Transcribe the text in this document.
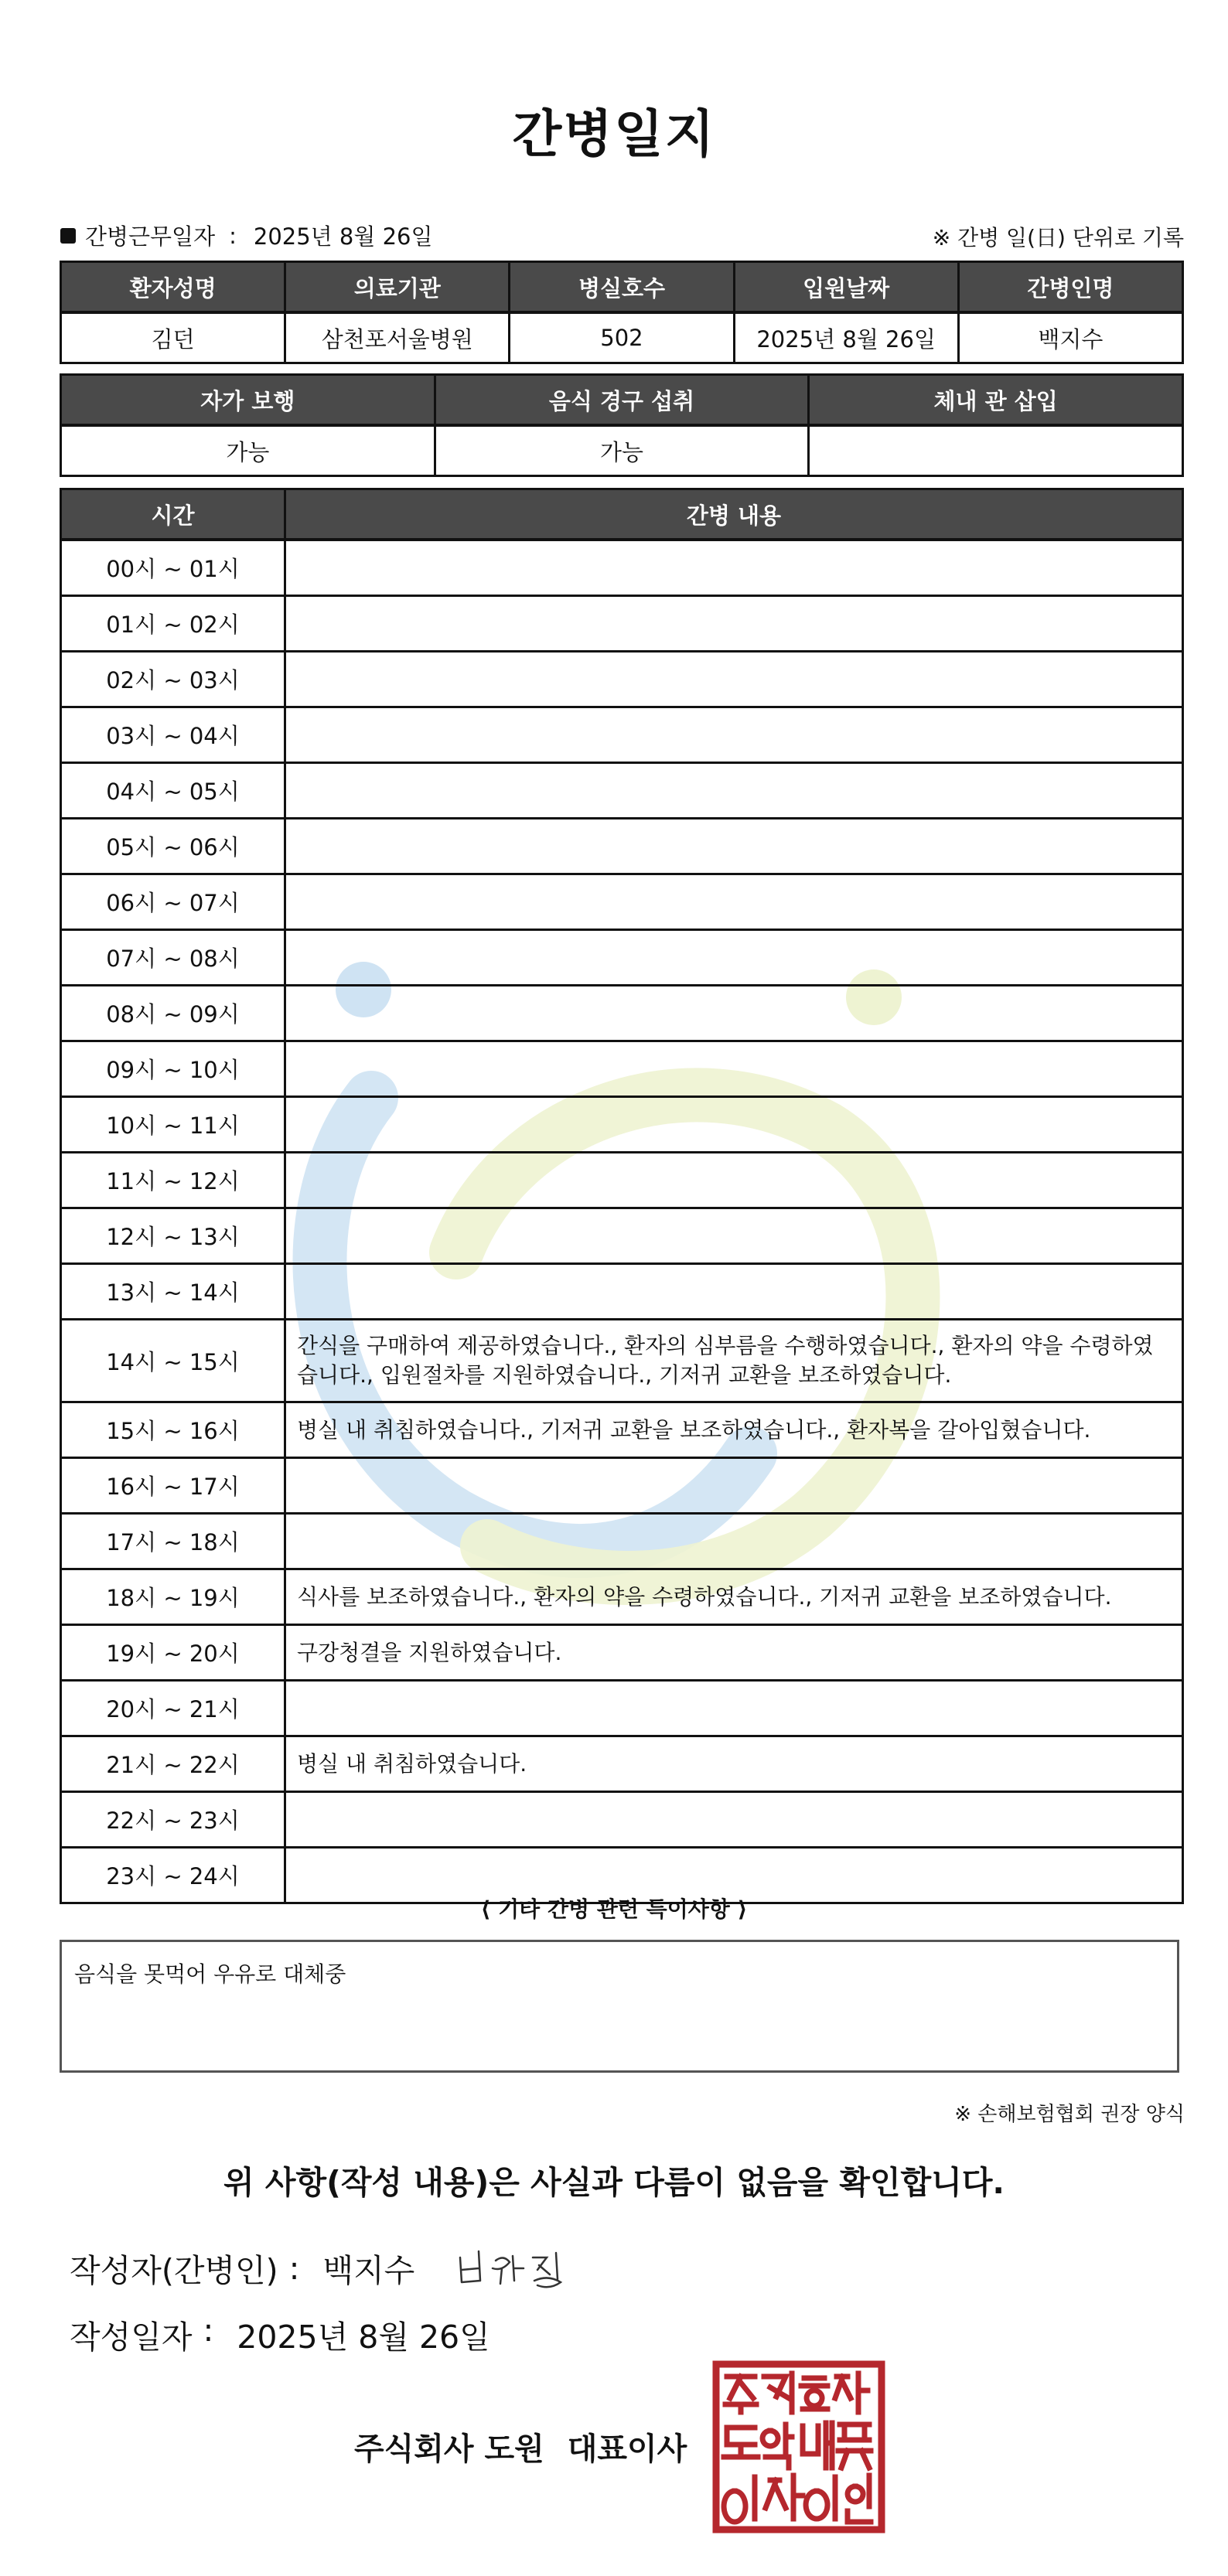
간병일지
간병근무일자 : 2025년 8월 26일	※ 간병 일(日) 단위로 기록
환자성명	의료기관	병실호수	입원날짜	간병인명
김던	삼천포서울병원	502	2025년 8월 26일	백지수
자가 보행	음식 경구 섭취	체내 관 삽입
가능	가능	
시간	간병 내용
00시 ~ 01시	
01시 ~ 02시	
02시 ~ 03시	
03시 ~ 04시	
04시 ~ 05시	
05시 ~ 06시	
06시 ~ 07시	
07시 ~ 08시	
08시 ~ 09시	
09시 ~ 10시	
10시 ~ 11시	
11시 ~ 12시	
12시 ~ 13시	
13시 ~ 14시	
14시 ~ 15시	간식을 구매하여 제공하였습니다., 환자의 심부름을 수행하였습니다., 환자의 약을 수령하였습니다., 입원절차를 지원하였습니다., 기저귀 교환을 보조하였습니다.
15시 ~ 16시	병실 내 취침하였습니다., 기저귀 교환을 보조하였습니다., 환자복을 갈아입혔습니다.
16시 ~ 17시	
17시 ~ 18시	
18시 ~ 19시	식사를 보조하였습니다., 환자의 약을 수령하였습니다., 기저귀 교환을 보조하였습니다.
19시 ~ 20시	구강청결을 지원하였습니다.
20시 ~ 21시	
21시 ~ 22시	병실 내 취침하였습니다.
22시 ~ 23시	
23시 ~ 24시	
⟨ 기타 간병 관련 특이사항 ⟩
음식을 못먹어 우유로 대체중
※ 손해보험협회 권장 양식
위 사항(작성 내용)은 사실과 다름이 없음을 확인합니다.
작성자(간병인) : 백지수
작성일자 : 2025년 8월 26일
주식회사 도원 대표이사
